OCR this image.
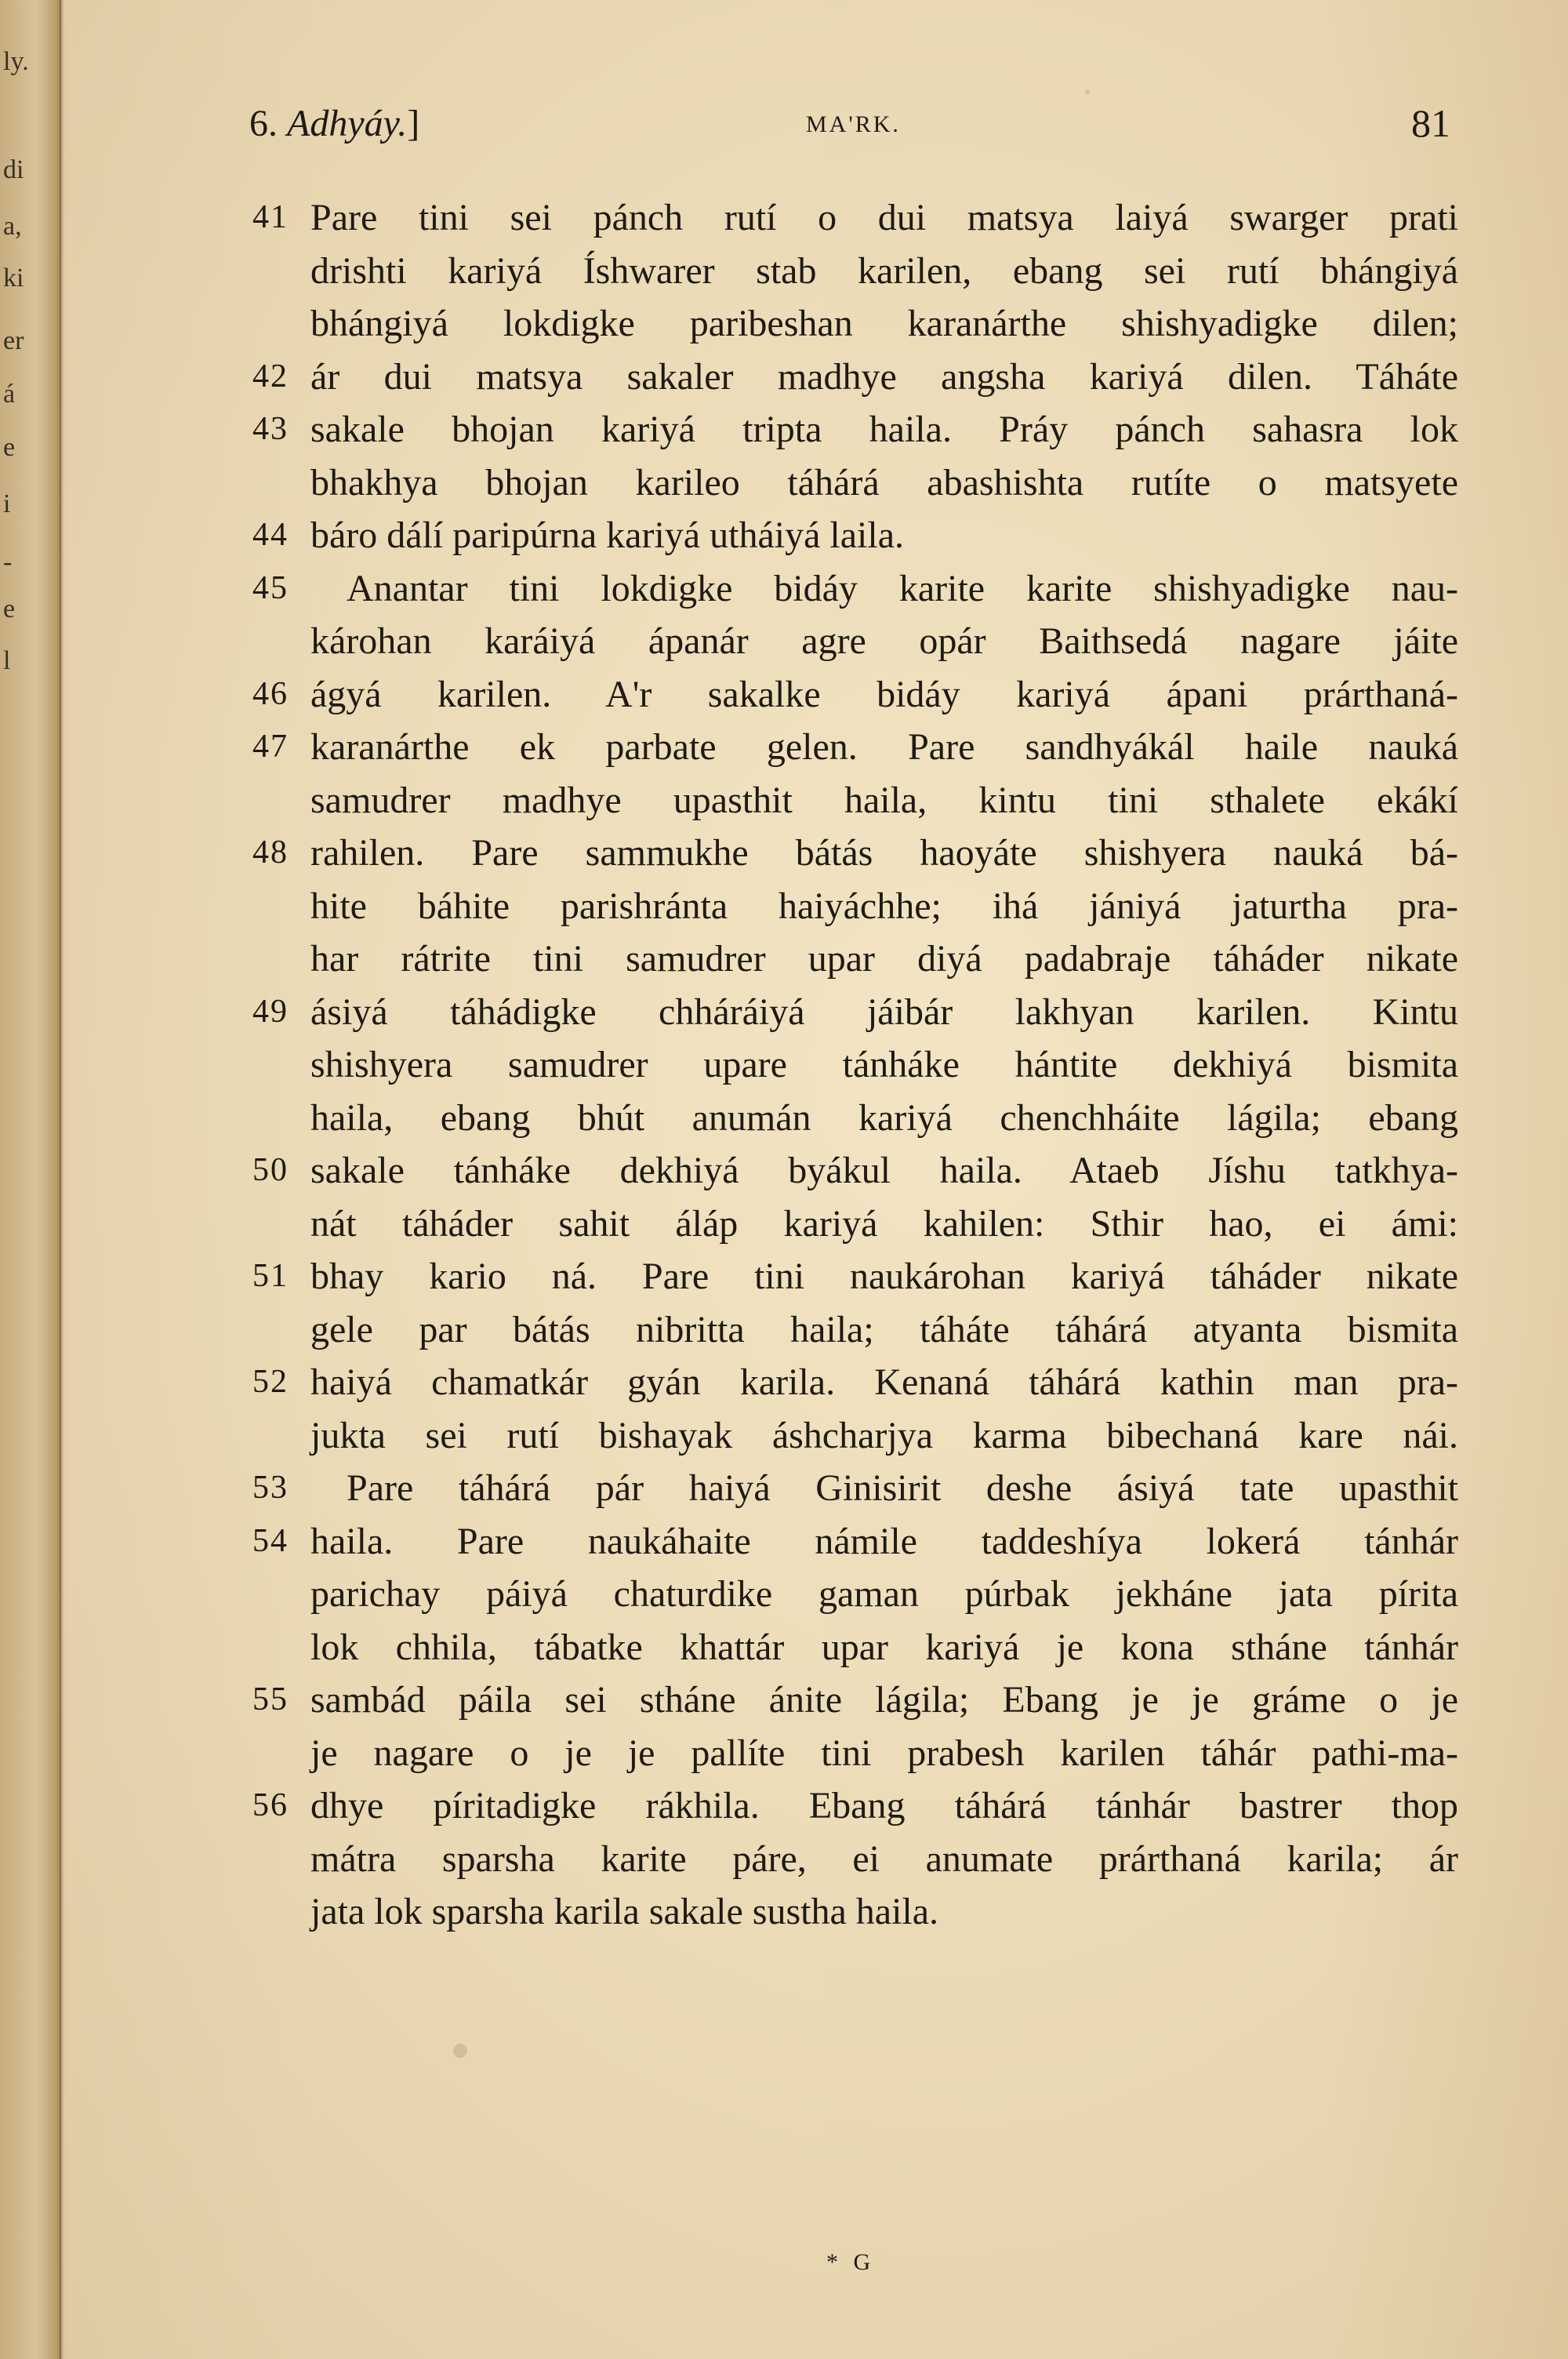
ly.
di
a,
ki
er
á
e
i
-
e
l
6. Adhyáy.]	MA'RK.	81
41 Pare tini sei pánch rutí o dui matsya laiyá swarger prati
drishti kariyá Íshwarer stab karilen, ebang sei rutí bhángiyá
bhángiyá lokdigke paribeshan karanárthe shishyadigke dilen;
42 ár dui matsya sakaler madhye angsha kariyá dilen. Táháte
43 sakale bhojan kariyá tripta haila. Práy pánch sahasra lok
bhakhya bhojan karileo táhárá abashishta rutíte o matsyete
44 báro dálí paripúrna kariyá utháiyá laila.
45	Anantar tini lokdigke bidáy karite karite shishyadigke nau-
károhan karáiyá ápanár agre opár Baithsedá nagare jáite
46 ágyá karilen. A'r sakalke bidáy kariyá ápani prárthaná-
47 karanárthe ek parbate gelen. Pare sandhyákál haile nauká
samudrer madhye upasthit haila, kintu tini sthalete ekákí
48 rahilen. Pare sammukhe bátás haoyáte shishyera nauká bá-
hite báhite parishránta haiyáchhe; ihá jániyá jaturtha pra-
har rátrite tini samudrer upar diyá padabraje táháder nikate
49 ásiyá táhádigke chháráiyá jáibár lakhyan karilen. Kintu
shishyera samudrer upare tánháke hántite dekhiyá bismita
haila, ebang bhút anumán kariyá chenchháite lágila; ebang
50 sakale tánháke dekhiyá byákul haila. Ataeb Jíshu tatkhya-
nát táháder sahit áláp kariyá kahilen: Sthir hao, ei ámi:
51 bhay kario ná. Pare tini naukárohan kariyá táháder nikate
gele par bátás nibritta haila; táháte táhárá atyanta bismita
52 haiyá chamatkár gyán karila. Kenaná táhárá kathin man pra-
jukta sei rutí bishayak áshcharjya karma bibechaná kare nái.
53	Pare táhárá pár haiyá Ginisirit deshe ásiyá tate upasthit
54 haila. Pare naukáhaite námile taddeshíya lokerá tánhár
parichay páiyá chaturdike gaman púrbak jekháne jata pírita
lok chhila, tábatke khattár upar kariyá je kona stháne tánhár
55 sambád páila sei stháne ánite lágila; Ebang je je gráme o je
je nagare o je je pallíte tini prabesh karilen táhár pathi-ma-
56 dhye píritadigke rákhila. Ebang táhárá tánhár bastrer thop
mátra sparsha karite páre, ei anumate prárthaná karila; ár
jata lok sparsha karila sakale sustha haila.
* G
